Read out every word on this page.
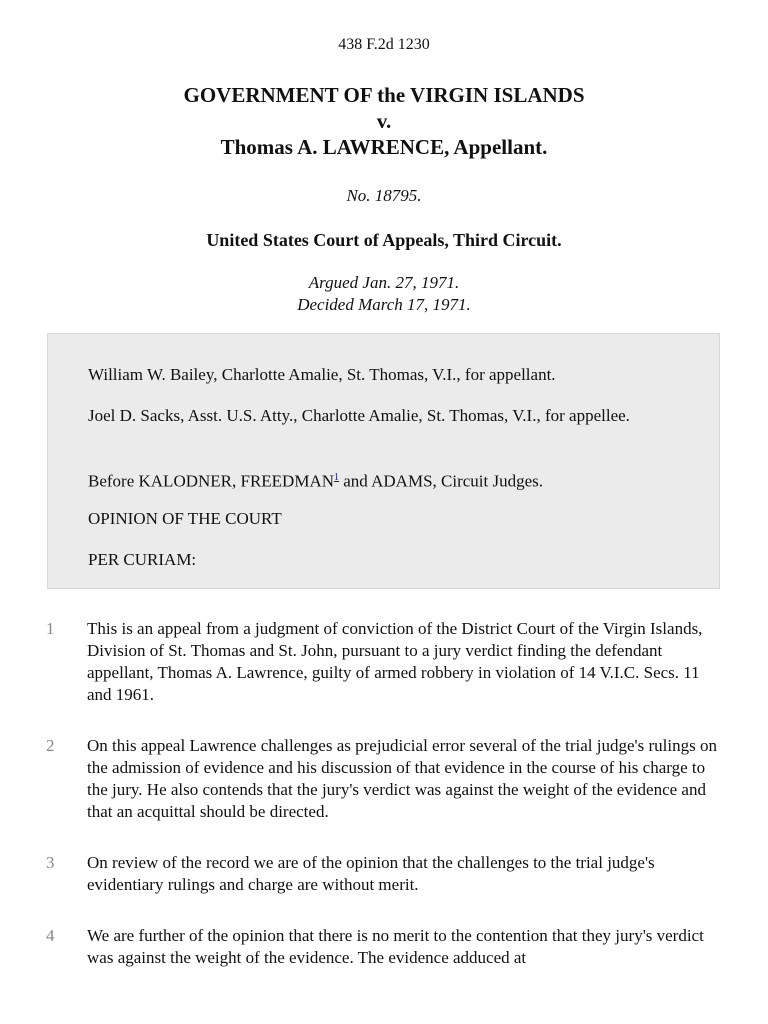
438 F.2d 1230
GOVERNMENT OF the VIRGIN ISLANDS
v.
Thomas A. LAWRENCE, Appellant.
No. 18795.
United States Court of Appeals, Third Circuit.
Argued Jan. 27, 1971.
Decided March 17, 1971.
William W. Bailey, Charlotte Amalie, St. Thomas, V.I., for appellant.
Joel D. Sacks, Asst. U.S. Atty., Charlotte Amalie, St. Thomas, V.I., for appellee.
Before KALODNER, FREEDMAN$^1$ and ADAMS, Circuit Judges.
OPINION OF THE COURT
PER CURIAM:
1 This is an appeal from a judgment of conviction of the District Court of the Virgin Islands, Division of St. Thomas and St. John, pursuant to a jury verdict finding the defendant appellant, Thomas A. Lawrence, guilty of armed robbery in violation of 14 V.I.C. Secs. 11 and 1961.
2 On this appeal Lawrence challenges as prejudicial error several of the trial judge's rulings on the admission of evidence and his discussion of that evidence in the course of his charge to the jury. He also contends that the jury's verdict was against the weight of the evidence and that an acquittal should be directed.
3 On review of the record we are of the opinion that the challenges to the trial judge's evidentiary rulings and charge are without merit.
4 We are further of the opinion that there is no merit to the contention that they jury's verdict was against the weight of the evidence. The evidence adduced at
